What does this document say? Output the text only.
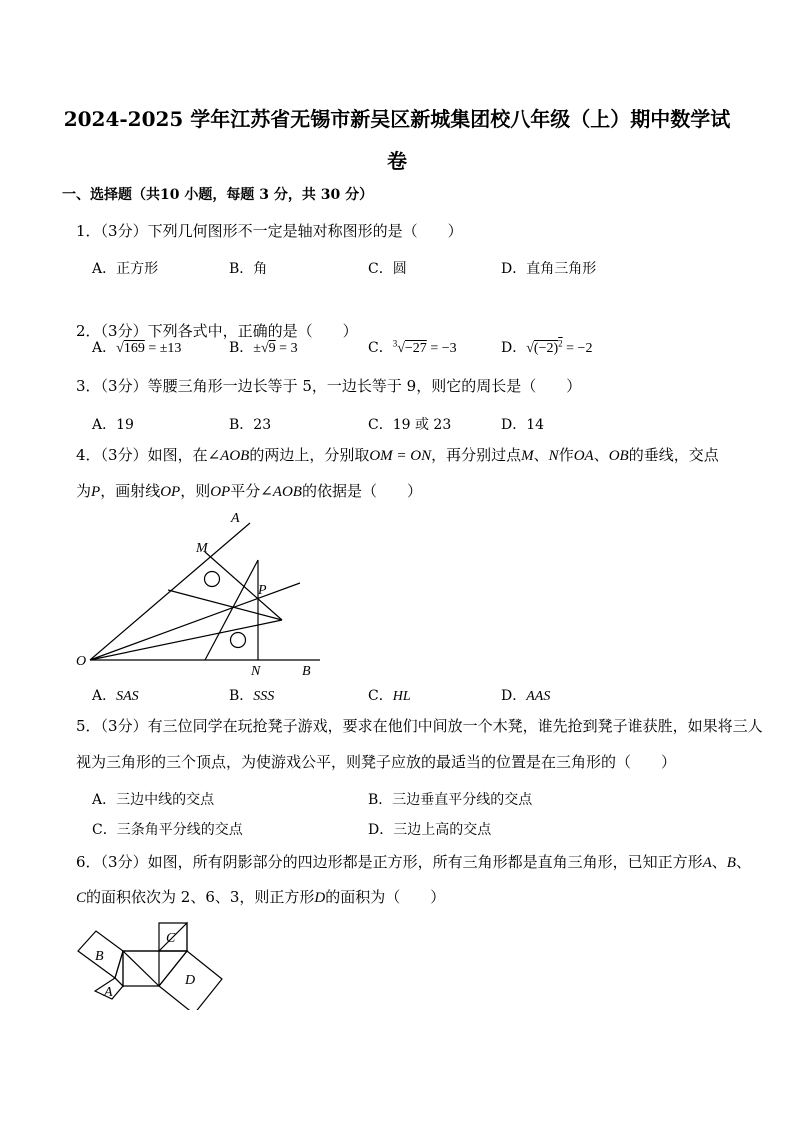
2024-2025 学年江苏省无锡市新吴区新城集团校八年级（上）期中数学试
卷
一、选择题（共10 小题，每题 3 分，共 30 分）
1．（3分）下列几何图形不一定是轴对称图形的是（　　）
A．正方形	B．角	C．圆	D．直角三角形
2．（3分）下列各式中，正确的是（　　）
A．√169 = ±13	B．±√9 = 3	C．$^3$√−27 = −3	D．$√(-2)^2 = -2$
3．（3分）等腰三角形一边长等于 5，一边长等于 9，则它的周长是（　　）
A．19	B．23	C．19 或 23	D．14
4．（3分）如图，在∠AOB的两边上，分别取OM = ON，再分别过点M、N作OA、OB的垂线，交点
为P，画射线OP，则OP平分∠AOB的依据是（　　）
A
M
P
O
N	B
A．SAS	B．SSS	C．HL	D．AAS
5．（3分）有三位同学在玩抢凳子游戏，要求在他们中间放一个木凳，谁先抢到凳子谁获胜，如果将三人
视为三角形的三个顶点，为使游戏公平，则凳子应放的最适当的位置是在三角形的（　　）
A．三边中线的交点	B．三边垂直平分线的交点
C．三条角平分线的交点	D．三边上高的交点
6．（3分）如图，所有阴影部分的四边形都是正方形，所有三角形都是直角三角形，已知正方形A、B、
C的面积依次为 2、6、3，则正方形D的面积为（　　）
B
A
C
D
